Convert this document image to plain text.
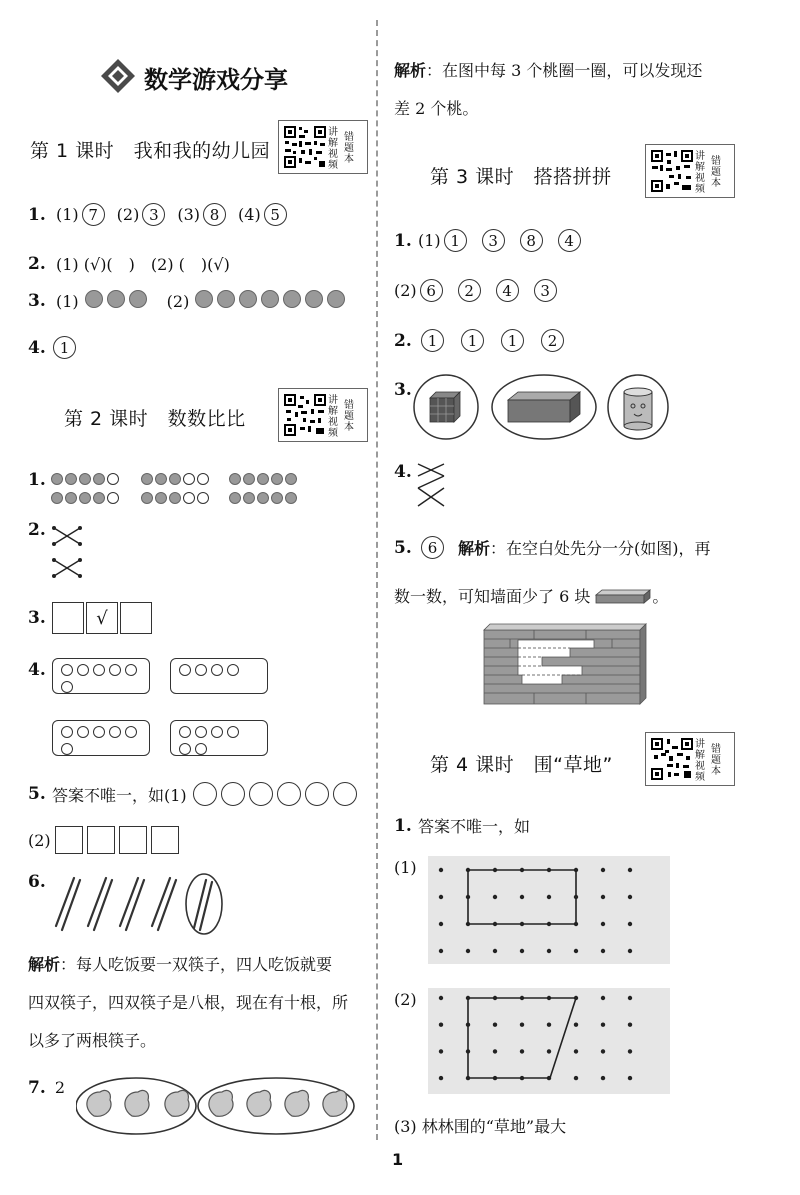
数学游戏分享
第 1 课时　我和我的幼儿园
讲
解
视
频
错
题
本
1. (1) 7	(2) 3	(3) 8	(4) 5
2. (1) (√)(　)　(2) (　)(√)
3. (1)	(2)
4. 1
第 2 课时　数数比比
讲
解
视
频
错
题
本
1.
2.
3.	√
4.

5. 答案不唯一，如(1)
(2)
6.
解析：每人吃饭要一双筷子，四人吃饭就要
四双筷子，四双筷子是八根，现在有十根，所
以多了两根筷子。
7. 2
解析：在图中每 3 个桃圈一圈，可以发现还
差 2 个桃。
第 3 课时　搭搭拼拼
讲
解
视
频
错
题
本
1. (1) 1	3	8	4
(2) 6	2	4	3
2.	1	1	1	2
3.
4.
5.	6	解析 ：在空白处先分一分(如图)，再
数一数，可知墙面少了 6 块	。
第 4 课时　围“草地”
讲
解
视
频
错
题
本
1. 答案不唯一，如
(1)
(2)
(3) 林林围的“草地”最大
1
